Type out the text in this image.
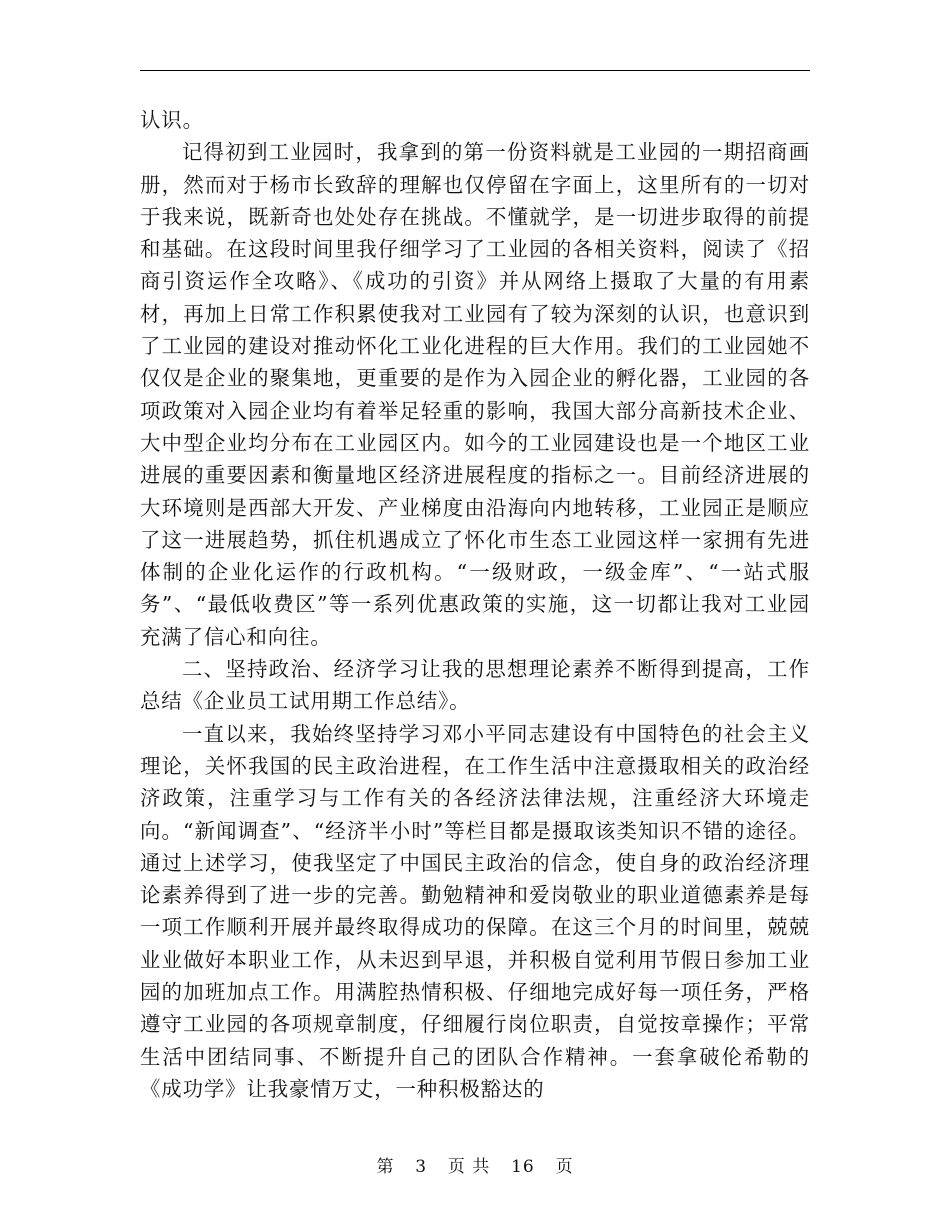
认识。

记得初到工业园时，我拿到的第一份资料就是工业园的一期招商画册，然而对于杨市长致辞的理解也仅停留在字面上，这里所有的一切对于我来说，既新奇也处处存在挑战。不懂就学，是一切进步取得的前提和基础。在这段时间里我仔细学习了工业园的各相关资料，阅读了《招商引资运作全攻略》、《成功的引资》并从网络上摄取了大量的有用素材，再加上日常工作积累使我对工业园有了较为深刻的认识，也意识到了工业园的建设对推动怀化工业化进程的巨大作用。我们的工业园她不仅仅是企业的聚集地，更重要的是作为入园企业的孵化器，工业园的各项政策对入园企业均有着举足轻重的影响，我国大部分高新技术企业、大中型企业均分布在工业园区内。如今的工业园建设也是一个地区工业进展的重要因素和衡量地区经济进展程度的指标之一。目前经济进展的大环境则是西部大开发、产业梯度由沿海向内地转移，工业园正是顺应了这一进展趋势，抓住机遇成立了怀化市生态工业园这样一家拥有先进体制的企业化运作的行政机构。“一级财政，一级金库”、“一站式服务”、“最低收费区”等一系列优惠政策的实施，这一切都让我对工业园充满了信心和向往。

二、坚持政治、经济学习让我的思想理论素养不断得到提高，工作总结《企业员工试用期工作总结》。

一直以来，我始终坚持学习邓小平同志建设有中国特色的社会主义理论，关怀我国的民主政治进程，在工作生活中注意摄取相关的政治经济政策，注重学习与工作有关的各经济法律法规，注重经济大环境走向。“新闻调查”、“经济半小时”等栏目都是摄取该类知识不错的途径。通过上述学习，使我坚定了中国民主政治的信念，使自身的政治经济理论素养得到了进一步的完善。勤勉精神和爱岗敬业的职业道德素养是每一项工作顺利开展并最终取得成功的保障。在这三个月的时间里，兢兢业业做好本职业工作，从未迟到早退，并积极自觉利用节假日参加工业园的加班加点工作。用满腔热情积极、仔细地完成好每一项任务，严格遵守工业园的各项规章制度，仔细履行岗位职责，自觉按章操作；平常生活中团结同事、不断提升自己的团队合作精神。一套拿破伦希勒的《成功学》让我豪情万丈，一种积极豁达的

第 3 页 共 16 页
